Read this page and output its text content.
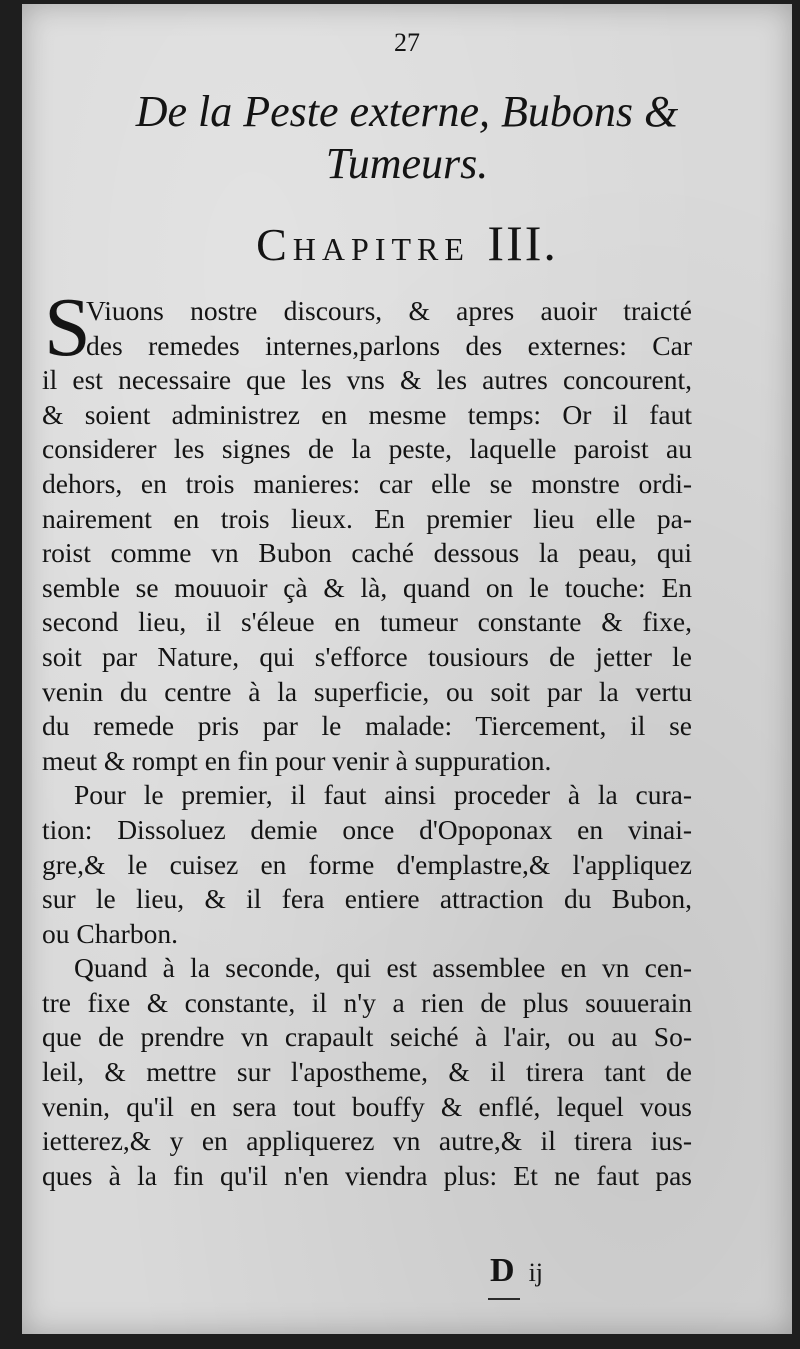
27
De la Peste externe, Bubons &
Tumeurs.
Chapitre III.
S
Viuons nostre discours, & apres auoir traicté
des remedes internes,parlons des externes: Car
il est necessaire que les vns & les autres concourent,
& soient administrez en mesme temps: Or il faut
considerer les signes de la peste, laquelle paroist au
dehors, en trois manieres: car elle se monstre ordi-
nairement en trois lieux. En premier lieu elle pa-
roist comme vn Bubon caché dessous la peau, qui
semble se mouuoir çà & là, quand on le touche: En
second lieu, il s'éleue en tumeur constante & fixe,
soit par Nature, qui s'efforce tousiours de jetter le
venin du centre à la superficie, ou soit par la vertu
du remede pris par le malade: Tiercement, il se
meut & rompt en fin pour venir à suppuration.
Pour le premier, il faut ainsi proceder à la cura-
tion: Dissoluez demie once d'Opoponax en vinai-
gre,& le cuisez en forme d'emplastre,& l'appliquez
sur le lieu, & il fera entiere attraction du Bubon,
ou Charbon.
Quand à la seconde, qui est assemblee en vn cen-
tre fixe & constante, il n'y a rien de plus souuerain
que de prendre vn crapault seiché à l'air, ou au So-
leil, & mettre sur l'apostheme, & il tirera tant de
venin, qu'il en sera tout bouffy & enflé, lequel vous
ietterez,& y en appliquerez vn autre,& il tirera ius-
ques à la fin qu'il n'en viendra plus: Et ne faut pas
D ij
